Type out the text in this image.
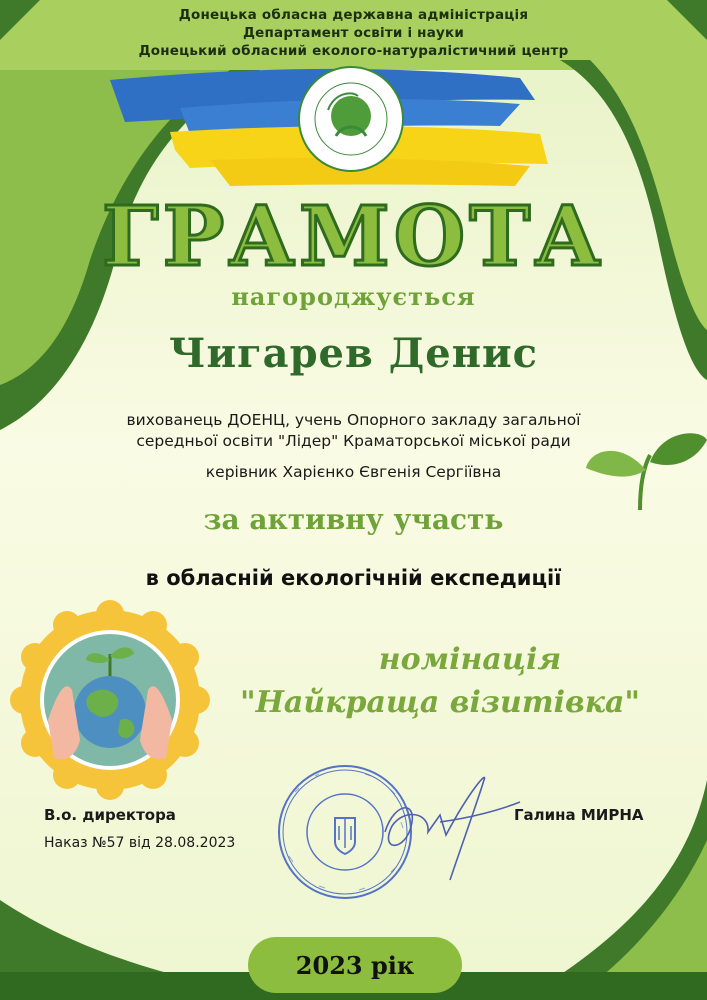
Донецька обласна державна адміністрація
Департамент освіти і науки
Донецький обласний еколого-натуралістичний центр
ГРАМОТА
нагороджується
Чигарев Денис
вихованець ДОЕНЦ, учень Опорного закладу загальної
середньої освіти "Лідер" Краматорської міської ради
керівник Харієнко Євгенія Сергіївна
за активну участь
в обласній екологічній експедиції
номінація
"Найкраща візитівка"
В.о. директора
Наказ №57 від 28.08.2023
Галина МИРНА
2023 рік
